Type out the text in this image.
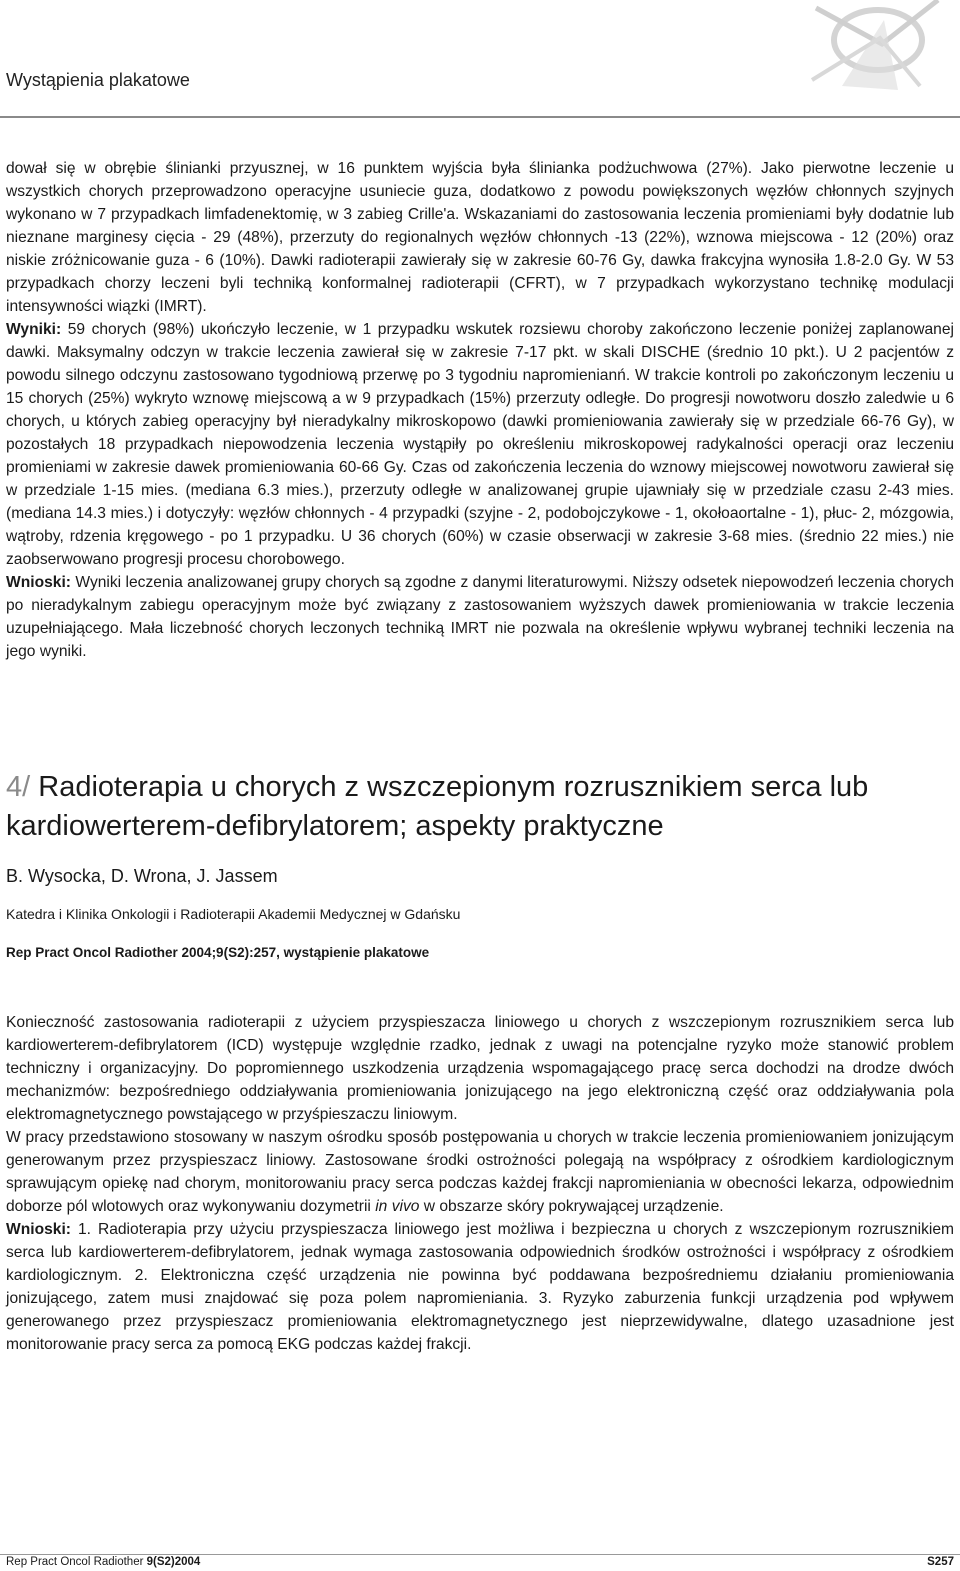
Wystąpienia plakatowe

dował się w obrębie ślinianki przyusznej, w 16 punktem wyjścia była ślinianka podżuchwowa (27%). Jako pierwotne leczenie u wszystkich chorych przeprowadzono operacyjne usuniecie guza, dodatkowo z powodu powiększonych węzłów chłonnych szyjnych wykonano w 7 przypadkach limfadenektomię, w 3 zabieg Crille'a. Wskazaniami do zastosowania leczenia promieniami były dodatnie lub nieznane marginesy cięcia - 29 (48%), przerzuty do regionalnych węzłów chłonnych -13 (22%), wznowa miejscowa - 12 (20%) oraz niskie zróżnicowanie guza - 6 (10%). Dawki radioterapii zawierały się w zakresie 60-76 Gy, dawka frakcyjna wynosiła 1.8-2.0 Gy. W 53 przypadkach chorzy leczeni byli techniką konformalnej radioterapii (CFRT), w 7 przypadkach wykorzystano technikę modulacji intensywności wiązki (IMRT).

Wyniki: 59 chorych (98%) ukończyło leczenie, w 1 przypadku wskutek rozsiewu choroby zakończono leczenie poniżej zaplanowanej dawki. Maksymalny odczyn w trakcie leczenia zawierał się w zakresie 7-17 pkt. w skali DISCHE (średnio 10 pkt.). U 2 pacjentów z powodu silnego odczynu zastosowano tygodniową przerwę po 3 tygodniu napromienianń. W trakcie kontroli po zakończonym leczeniu u 15 chorych (25%) wykryto wznowę miejscową a w 9 przypadkach (15%) przerzuty odległe. Do progresji nowotworu doszło zaledwie u 6 chorych, u których zabieg operacyjny był nieradykalny mikroskopowo (dawki promieniowania zawierały się w przedziale 66-76 Gy), w pozostałych 18 przypadkach niepowodzenia leczenia wystąpiły po określeniu mikroskopowej radykalności operacji oraz leczeniu promieniami w zakresie dawek promieniowania 60-66 Gy. Czas od zakończenia leczenia do wznowy miejscowej nowotworu zawierał się w przedziale 1-15 mies. (mediana 6.3 mies.), przerzuty odległe w analizowanej grupie ujawniały się w przedziale czasu 2-43 mies. (mediana 14.3 mies.) i dotyczyły: węzłów chłonnych - 4 przypadki (szyjne - 2, podobojczykowe - 1, okołoaortalne - 1), płuc- 2, mózgowia, wątroby, rdzenia kręgowego - po 1 przypadku. U 36 chorych (60%) w czasie obserwacji w zakresie 3-68 mies. (średnio 22 mies.) nie zaobserwowano progresji procesu chorobowego.

Wnioski: Wyniki leczenia analizowanej grupy chorych są zgodne z danymi literaturowymi. Niższy odsetek niepowodzeń leczenia chorych po nieradykalnym zabiegu operacyjnym może być związany z zastosowaniem wyższych dawek promieniowania w trakcie leczenia uzupełniającego. Mała liczebność chorych leczonych techniką IMRT nie pozwala na określenie wpływu wybranej techniki leczenia na jego wyniki.

4/ Radioterapia u chorych z wszczepionym rozrusznikiem serca lub kardiowerterem-defibrylatorem; aspekty praktyczne
B. Wysocka, D. Wrona, J. Jassem
Katedra i Klinika Onkologii i Radioterapii Akademii Medycznej w Gdańsku
Rep Pract Oncol Radiother 2004;9(S2):257, wystąpienie plakatowe

Konieczność zastosowania radioterapii z użyciem przyspieszacza liniowego u chorych z wszczepionym rozrusznikiem serca lub kardiowerterem-defibrylatorem (ICD) występuje względnie rzadko, jednak z uwagi na potencjalne ryzyko może stanowić problem techniczny i organizacyjny. Do popromiennego uszkodzenia urządzenia wspomagającego pracę serca dochodzi na drodze dwóch mechanizmów: bezpośredniego oddziaływania promieniowania jonizującego na jego elektroniczną część oraz oddziaływania pola elektromagnetycznego powstającego w przyśpieszaczu liniowym.

W pracy przedstawiono stosowany w naszym ośrodku sposób postępowania u chorych w trakcie leczenia promieniowaniem jonizującym generowanym przez przyspieszacz liniowy. Zastosowane środki ostrożności polegają na współpracy z ośrodkiem kardiologicznym sprawującym opiekę nad chorym, monitorowaniu pracy serca podczas każdej frakcji napromieniania w obecności lekarza, odpowiednim doborze pól wlotowych oraz wykonywaniu dozymetrii in vivo w obszarze skóry pokrywającej urządzenie.

Wnioski: 1. Radioterapia przy użyciu przyspieszacza liniowego jest możliwa i bezpieczna u chorych z wszczepionym rozrusznikiem serca lub kardiowerterem-defibrylatorem, jednak wymaga zastosowania odpowiednich środków ostrożności i współpracy z ośrodkiem kardiologicznym. 2. Elektroniczna część urządzenia nie powinna być poddawana bezpośredniemu działaniu promieniowania jonizującego, zatem musi znajdować się poza polem napromieniania. 3. Ryzyko zaburzenia funkcji urządzenia pod wpływem generowanego przez przyspieszacz promieniowania elektromagnetycznego jest nieprzewidywalne, dlatego uzasadnione jest monitorowanie pracy serca za pomocą EKG podczas każdej frakcji.

Rep Pract Oncol Radiother 9(S2)2004	S257
